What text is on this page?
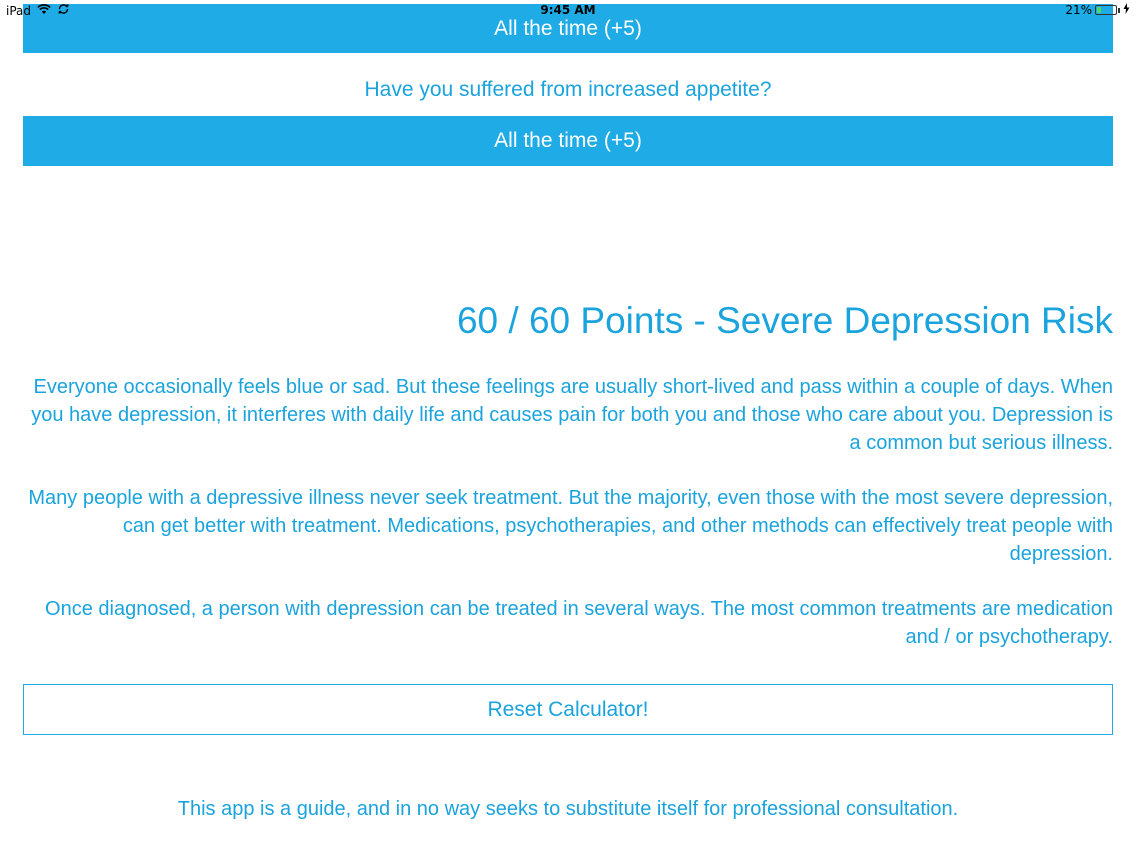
iPad	9:45 AM	21%
All the time (+5)
Have you suffered from increased appetite?
All the time (+5)
60 / 60 Points - Severe Depression Risk
Everyone occasionally feels blue or sad. But these feelings are usually short-lived and pass within a couple of days. When you have depression, it interferes with daily life and causes pain for both you and those who care about you. Depression is a common but serious illness.
Many people with a depressive illness never seek treatment. But the majority, even those with the most severe depression, can get better with treatment. Medications, psychotherapies, and other methods can effectively treat people with depression.
Once diagnosed, a person with depression can be treated in several ways. The most common treatments are medication and / or psychotherapy.
Reset Calculator!
This app is a guide, and in no way seeks to substitute itself for professional consultation.
